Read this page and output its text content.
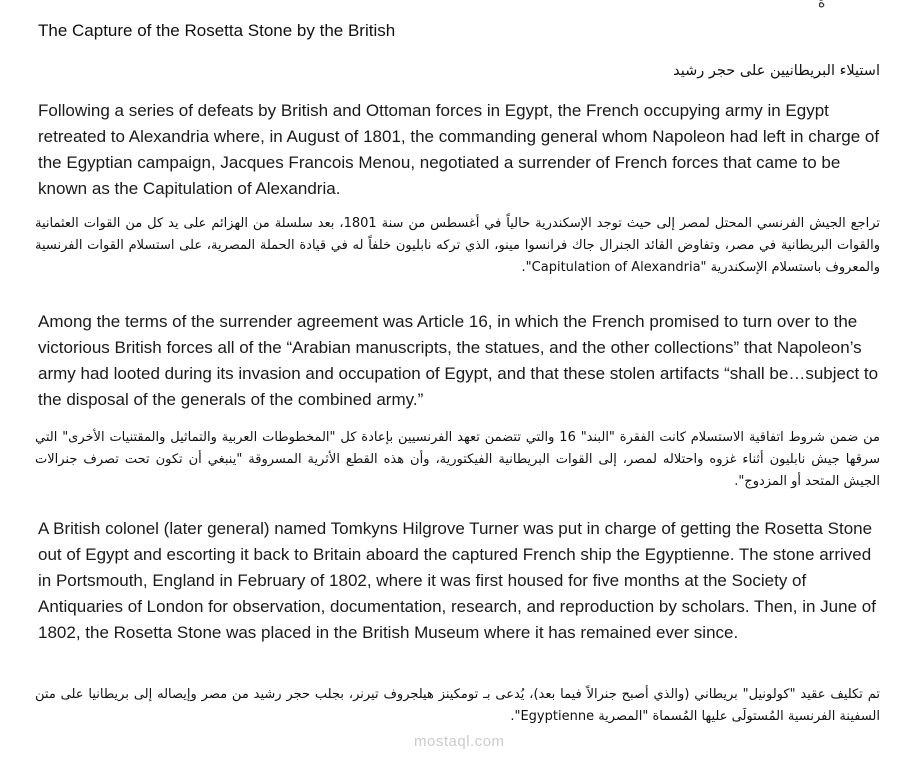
ة
The Capture of the Rosetta Stone by the British
استيلاء البريطانيين على حجر رشيد

Following a series of defeats by British and Ottoman forces in Egypt, the French occupying army in Egypt retreated to Alexandria where, in August of 1801, the commanding general whom Napoleon had left in charge of the Egyptian campaign, Jacques Francois Menou, negotiated a surrender of French forces that came to be known as the Capitulation of Alexandria.

تراجع الجيش الفرنسي المحتل لمصر إلى حيث توجد الإسكندرية حالياً في أغسطس من سنة 1801، بعد سلسلة من الهزائم على يد كل من القوات العثمانية والقوات البريطانية في مصر، وتفاوض القائد الجنرال جاك فرانسوا مينو، الذي تركه نابليون خلفاً له في قيادة الحملة المصرية، على استسلام القوات الفرنسية والمعروف باستسلام الإسكندرية "Capitulation of Alexandria".

Among the terms of the surrender agreement was Article 16, in which the French promised to turn over to the victorious British forces all of the “Arabian manuscripts, the statues, and the other collections” that Napoleon’s army had looted during its invasion and occupation of Egypt, and that these stolen artifacts “shall be…subject to the disposal of the generals of the combined army.”

من ضمن شروط اتفاقية الاستسلام كانت الفقرة "البند" 16 والتي تتضمن تعهد الفرنسيين بإعادة كل "المخطوطات العربية والتماثيل والمقتنيات الأخرى" التي سرقها جيش نابليون أثناء غزوه واحتلاله لمصر، إلى القوات البريطانية الفيكتورية، وأن هذه القطع الأثرية المسروقة "ينبغي أن تكون تحت تصرف جنرالات الجيش المتحد أو المزدوج".

A British colonel (later general) named Tomkyns Hilgrove Turner was put in charge of getting the Rosetta Stone out of Egypt and escorting it back to Britain aboard the captured French ship the Egyptienne. The stone arrived in Portsmouth, England in February of 1802, where it was first housed for five months at the Society of Antiquaries of London for observation, documentation, research, and reproduction by scholars. Then, in June of 1802, the Rosetta Stone was placed in the British Museum where it has remained ever since.

تم تكليف عقيد "كولونيل" بريطاني (والذي أصبح جنرالاً فيما بعد)، يُدعى بـ تومكينز هيلجروف تيرنر، بجلب حجر رشيد من مصر وإيصاله إلى بريطانيا على متن السفينة الفرنسية المُستولَى عليها المُسماة "المصرية Egyptienne".

mostaql.com
